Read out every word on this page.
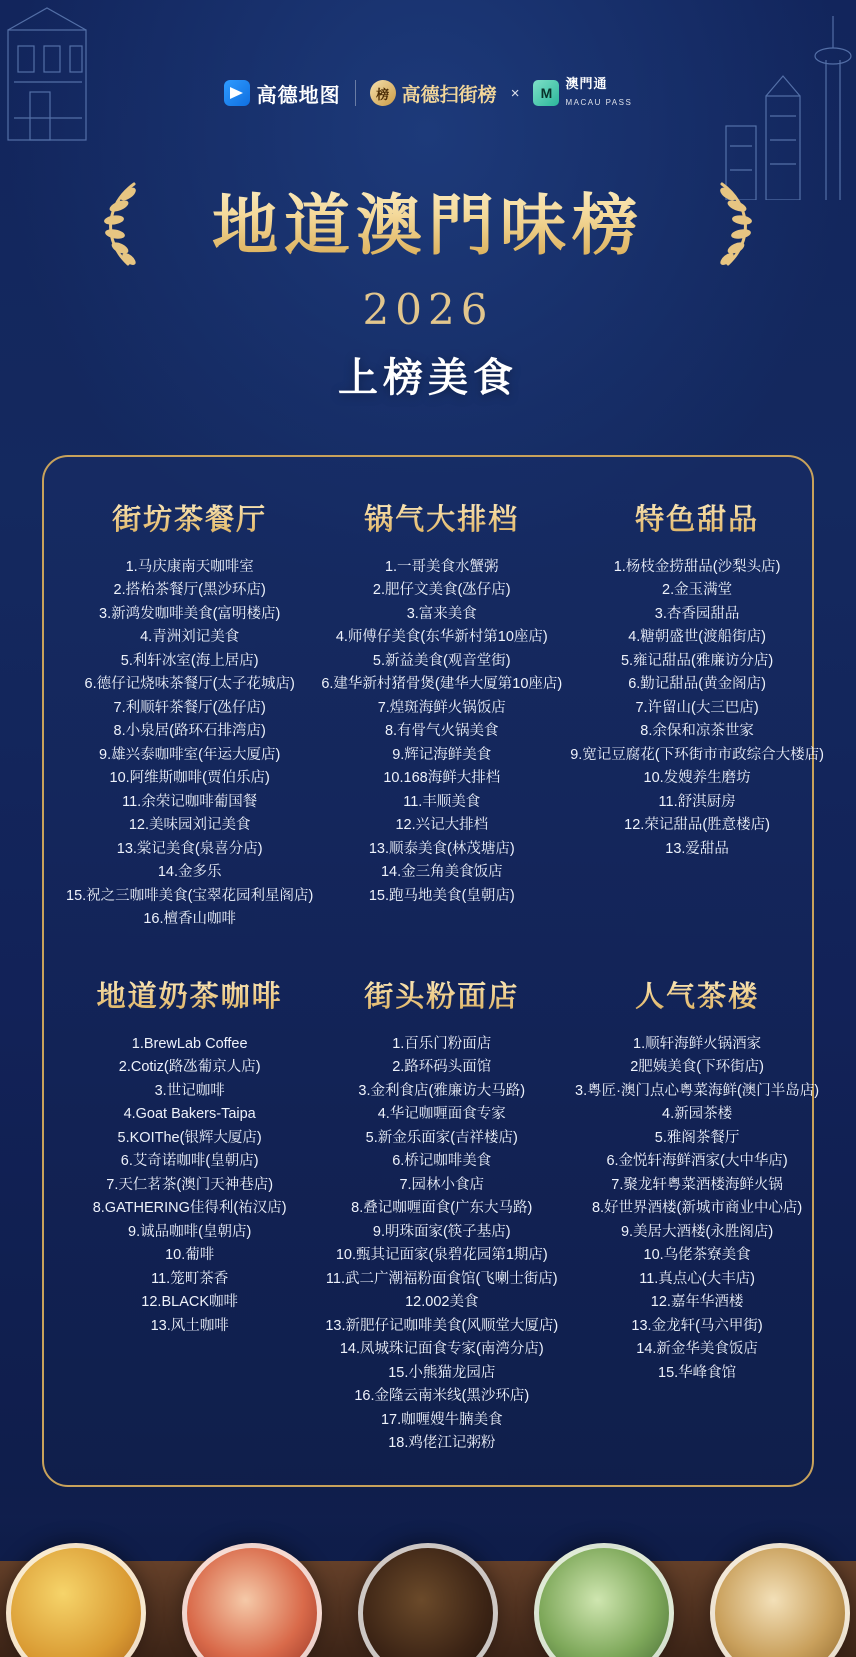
高德地图	榜 高德扫街榜 ×	M
澳門通
MACAU PASS
地道澳門味榜
2026
上榜美食
街坊茶餐厅
1.马庆康南天咖啡室
2.搭枱茶餐厅(黑沙环店)
3.新鸿发咖啡美食(富明楼店)
4.青洲刘记美食
5.利轩冰室(海上居店)
6.德仔记烧味茶餐厅(太子花城店)
7.利顺轩茶餐厅(氹仔店)
8.小泉居(路环石排湾店)
9.雄兴泰咖啡室(年运大厦店)
10.阿维斯咖啡(贾伯乐店)
11.余荣记咖啡葡国餐
12.美味园刘记美食
13.棠记美食(泉喜分店)
14.金多乐
15.祝之三咖啡美食(宝翠花园利星阁店)
16.檀香山咖啡
锅气大排档
1.一哥美食水蟹粥
2.肥仔文美食(氹仔店)
3.富来美食
4.师傅仔美食(东华新村第10座店)
5.新益美食(观音堂街)
6.建华新村猪骨煲(建华大厦第10座店)
7.煌斑海鲜火锅饭店
8.有骨气火锅美食
9.辉记海鲜美食
10.168海鲜大排档
11.丰顺美食
12.兴记大排档
13.顺泰美食(林茂塘店)
14.金三角美食饭店
15.跑马地美食(皇朝店)
特色甜品
1.杨枝金捞甜品(沙梨头店)
2.金玉满堂
3.杏香园甜品
4.糖朝盛世(渡船街店)
5.雍记甜品(雅廉访分店)
6.勤记甜品(黄金阁店)
7.许留山(大三巴店)
8.余保和凉茶世家
9.宽记豆腐花(下环街市市政综合大楼店)
10.发嫂养生磨坊
11.舒淇厨房
12.荣记甜品(胜意楼店)
13.爱甜品
地道奶茶咖啡
1.BrewLab Coffee
2.Cotiz(路氹葡京人店)
3.世记咖啡
4.Goat Bakers-Taipa
5.KOIThe(银辉大厦店)
6.艾奇诺咖啡(皇朝店)
7.天仁茗茶(澳门天神巷店)
8.GATHERING佳得利(祐汉店)
9.诚品咖啡(皇朝店)
10.葡啡
11.笼町茶香
12.BLACK咖啡
13.风土咖啡
街头粉面店
1.百乐门粉面店
2.路环码头面馆
3.金利食店(雅廉访大马路)
4.华记咖喱面食专家
5.新金乐面家(吉祥楼店)
6.桥记咖啡美食
7.园林小食店
8.叠记咖喱面食(广东大马路)
9.明珠面家(筷子基店)
10.甄其记面家(泉碧花园第1期店)
11.武二广潮福粉面食馆(飞喇士街店)
12.002美食
13.新肥仔记咖啡美食(风顺堂大厦店)
14.凤城珠记面食专家(南湾分店)
15.小熊猫龙园店
16.金隆云南米线(黑沙环店)
17.咖喱嫂牛腩美食
18.鸡佬江记粥粉
人气茶楼
1.顺轩海鲜火锅酒家
2肥姨美食(下环街店)
3.粤匠·澳门点心粤菜海鲜(澳门半岛店)
4.新园茶楼
5.雅阁茶餐厅
6.金悦轩海鲜酒家(大中华店)
7.聚龙轩粤菜酒楼海鲜火锅
8.好世界酒楼(新城市商业中心店)
9.美居大酒楼(永胜阁店)
10.乌佬茶寮美食
11.真点心(大丰店)
12.嘉年华酒楼
13.金龙轩(马六甲街)
14.新金华美食饭店
15.华峰食馆
